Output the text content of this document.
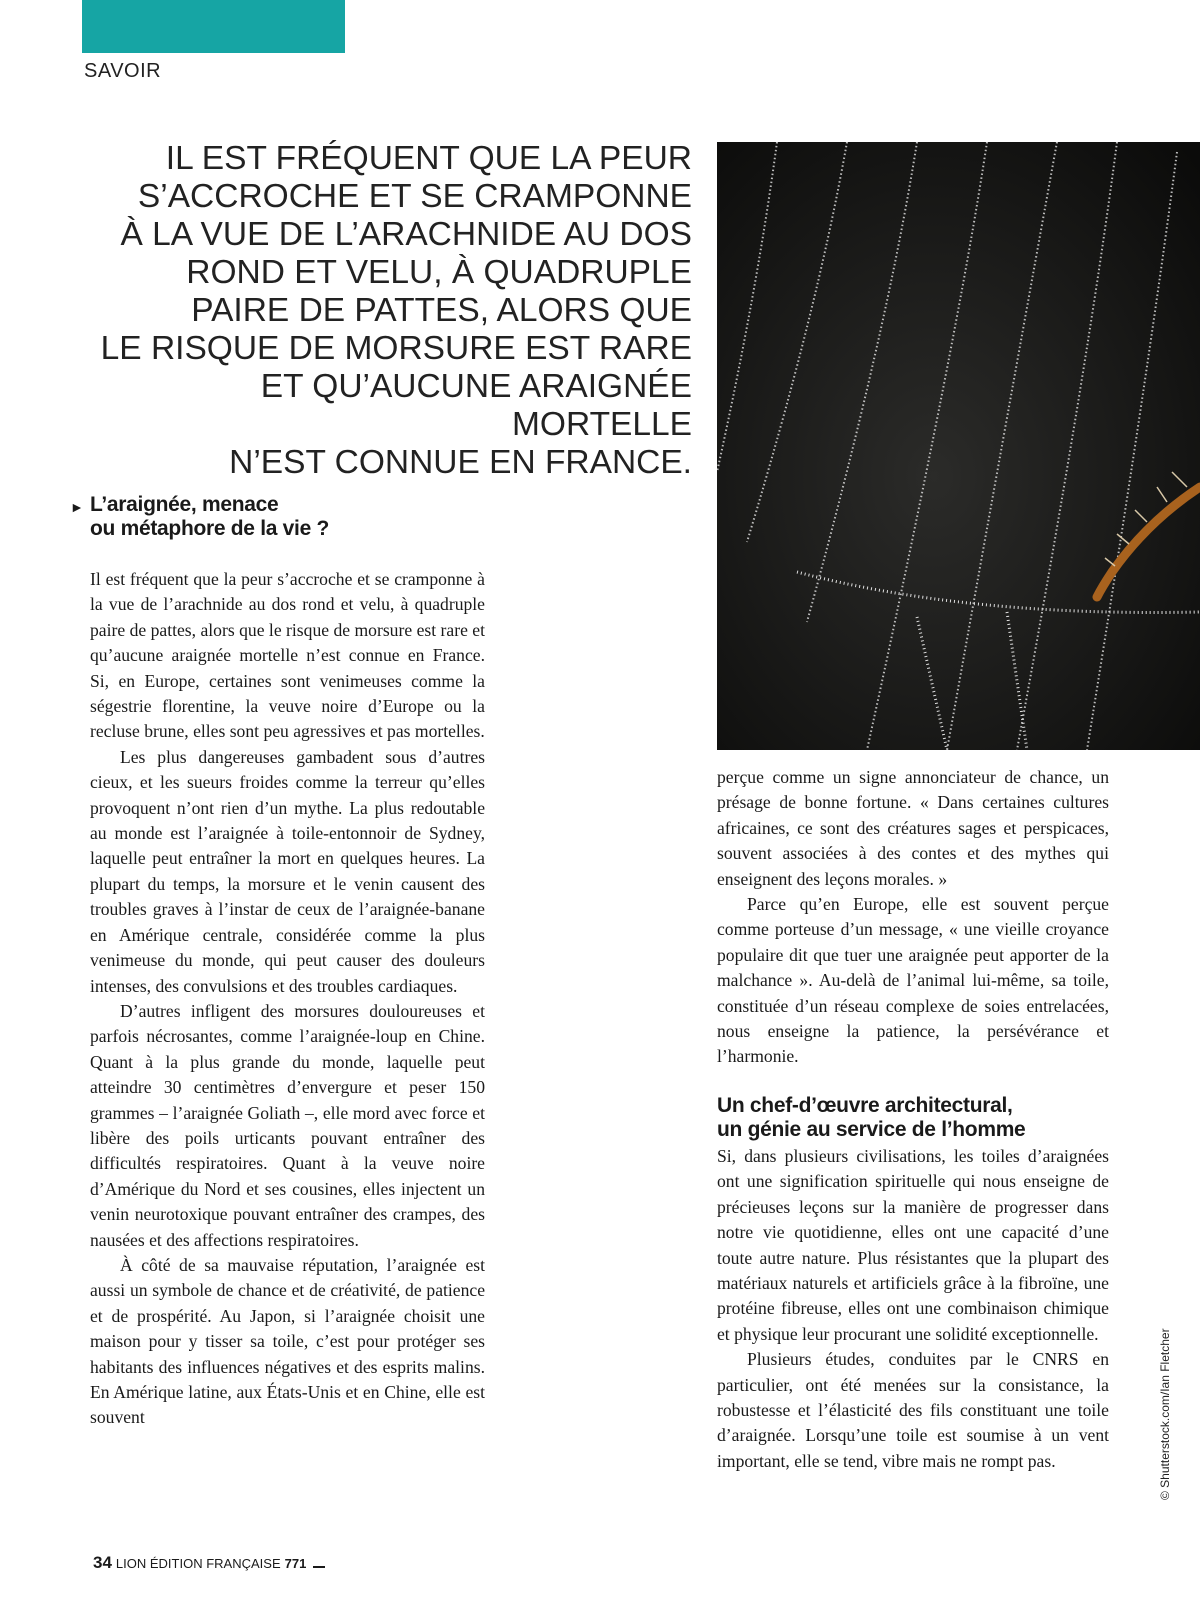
SAVOIR
IL EST FRÉQUENT QUE LA PEUR
S’ACCROCHE ET SE CRAMPONNE
À LA VUE DE L’ARACHNIDE AU DOS
ROND ET VELU, À QUADRUPLE
PAIRE DE PATTES, ALORS QUE
LE RISQUE DE MORSURE EST RARE
ET QU’AUCUNE ARAIGNÉE MORTELLE
N’EST CONNUE EN FRANCE.
© Shutterstock.com/Ian Fletcher
► L’araignée, menace
ou métaphore de la vie ?

Il est fréquent que la peur s’accroche et se cramponne à la vue de l’arachnide au dos rond et velu, à quadruple paire de pattes, alors que le risque de morsure est rare et qu’aucune araignée mortelle n’est connue en France. Si, en Europe, certaines sont venimeuses comme la ségestrie florentine, la veuve noire d’Europe ou la recluse brune, elles sont peu agressives et pas mortelles.

Les plus dangereuses gambadent sous d’autres cieux, et les sueurs froides comme la terreur qu’elles provoquent n’ont rien d’un mythe. La plus redoutable au monde est l’araignée à toile-entonnoir de Sydney, laquelle peut entraîner la mort en quelques heures. La plupart du temps, la morsure et le venin causent des troubles graves à l’instar de ceux de l’araignée-banane en Amérique centrale, considérée comme la plus venimeuse du monde, qui peut causer des douleurs intenses, des convulsions et des troubles cardiaques.

D’autres infligent des morsures douloureuses et parfois nécrosantes, comme l’araignée-loup en Chine. Quant à la plus grande du monde, laquelle peut atteindre 30 centimètres d’envergure et peser 150 grammes – l’araignée Goliath –, elle mord avec force et libère des poils urticants pouvant entraîner des difficultés respiratoires. Quant à la veuve noire d’Amérique du Nord et ses cousines, elles injectent un venin neurotoxique pouvant entraîner des crampes, des nausées et des affections respiratoires.

À côté de sa mauvaise réputation, l’araignée est aussi un symbole de chance et de créativité, de patience et de prospérité. Au Japon, si l’araignée choisit une maison pour y tisser sa toile, c’est pour protéger ses habitants des influences négatives et des esprits malins. En Amérique latine, aux États-Unis et en Chine, elle est souvent

perçue comme un signe annonciateur de chance, un présage de bonne fortune. « Dans certaines cultures africaines, ce sont des créatures sages et perspicaces, souvent associées à des contes et des mythes qui enseignent des leçons morales. »

Parce qu’en Europe, elle est souvent perçue comme porteuse d’un message, « une vieille croyance populaire dit que tuer une araignée peut apporter de la malchance ». Au-delà de l’animal lui-même, sa toile, constituée d’un réseau complexe de soies entrelacées, nous enseigne la patience, la persévérance et l’harmonie.

Un chef-d’œuvre architectural,
un génie au service de l’homme

Si, dans plusieurs civilisations, les toiles d’araignées ont une signification spirituelle qui nous enseigne de précieuses leçons sur la manière de progresser dans notre vie quotidienne, elles ont une capacité d’une toute autre nature. Plus résistantes que la plupart des matériaux naturels et artificiels grâce à la fibroïne, une protéine fibreuse, elles ont une combinaison chimique et physique leur procurant une solidité exceptionnelle.

Plusieurs études, conduites par le CNRS en particulier, ont été menées sur la consistance, la robustesse et l’élasticité des fils constituant une toile d’araignée. Lorsqu’une toile est soumise à un vent important, elle se tend, vibre mais ne rompt pas.

34 LION ÉDITION FRANÇAISE 771
